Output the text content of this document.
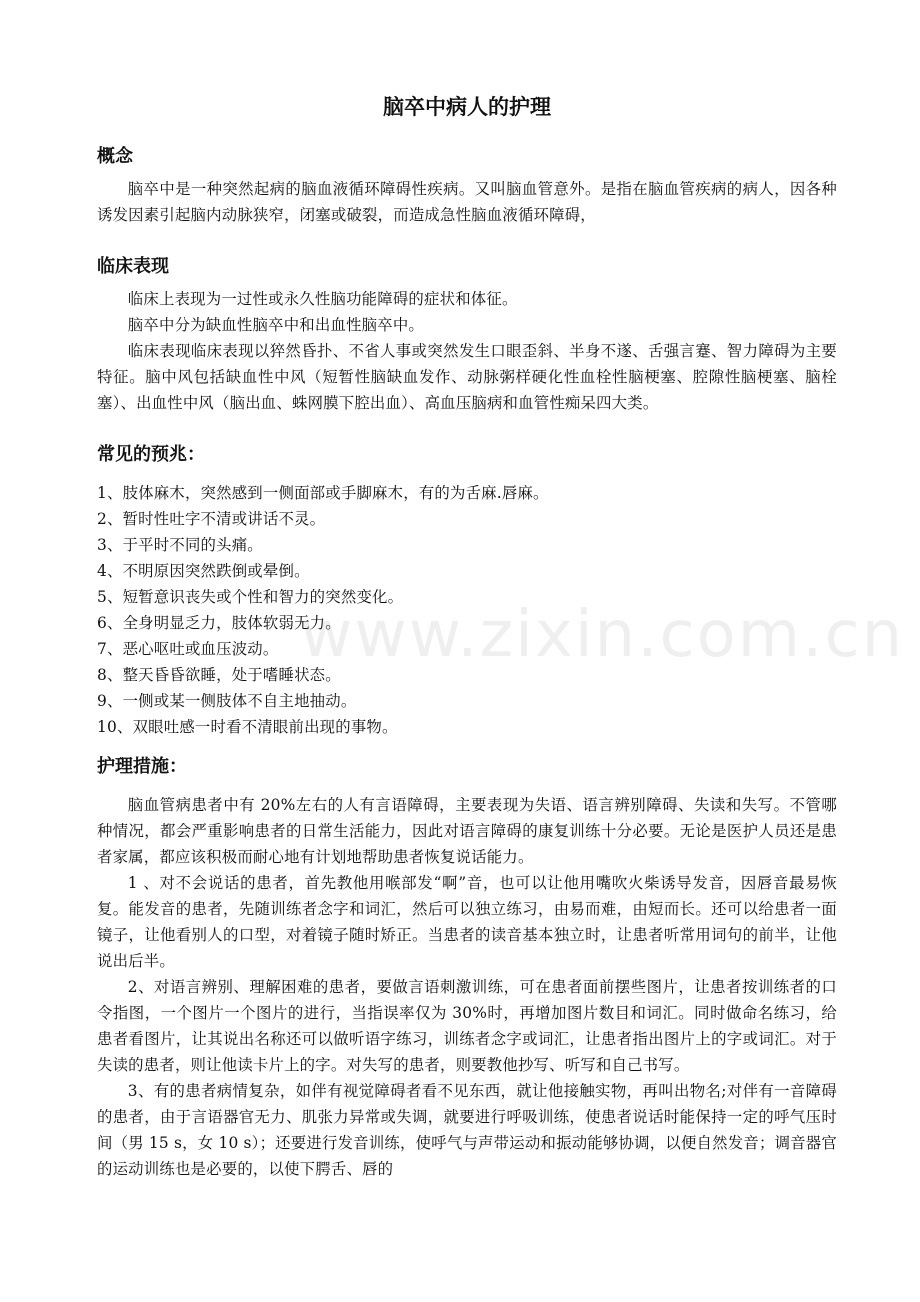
www.zixin.com.cn
脑卒中病人的护理
概念

脑卒中是一种突然起病的脑血液循环障碍性疾病。又叫脑血管意外。是指在脑血管疾病的病人，因各种诱发因素引起脑内动脉狭窄，闭塞或破裂，而造成急性脑血液循环障碍，

临床表现

临床上表现为一过性或永久性脑功能障碍的症状和体征。

脑卒中分为缺血性脑卒中和出血性脑卒中。

临床表现临床表现以猝然昏扑、不省人事或突然发生口眼歪斜、半身不遂、舌强言蹇、智力障碍为主要特征。脑中风包括缺血性中风（短暂性脑缺血发作、动脉粥样硬化性血栓性脑梗塞、腔隙性脑梗塞、脑栓塞）、出血性中风（脑出血、蛛网膜下腔出血）、高血压脑病和血管性痴呆四大类。

常见的预兆：

1、肢体麻木，突然感到一侧面部或手脚麻木，有的为舌麻.唇麻。

2、暂时性吐字不清或讲话不灵。

3、于平时不同的头痛。

4、不明原因突然跌倒或晕倒。

5、短暂意识丧失或个性和智力的突然变化。

6、全身明显乏力，肢体软弱无力。

7、恶心呕吐或血压波动。

8、整天昏昏欲睡，处于嗜睡状态。

9、一侧或某一侧肢体不自主地抽动。

10、双眼吐感一时看不清眼前出现的事物。

护理措施：

脑血管病患者中有 20%左右的人有言语障碍，主要表现为失语、语言辨别障碍、失读和失写。不管哪种情况，都会严重影响患者的日常生活能力，因此对语言障碍的康复训练十分必要。无论是医护人员还是患者家属，都应该积极而耐心地有计划地帮助患者恢复说话能力。

1 、对不会说话的患者，首先教他用喉部发“啊”音，也可以让他用嘴吹火柴诱导发音，因唇音最易恢复。能发音的患者，先随训练者念字和词汇，然后可以独立练习，由易而难，由短而长。还可以给患者一面镜子，让他看别人的口型，对着镜子随时矫正。当患者的读音基本独立时，让患者听常用词句的前半，让他说出后半。

2、对语言辨别、理解困难的患者，要做言语刺激训练，可在患者面前摆些图片，让患者按训练者的口令指图，一个图片一个图片的进行，当指误率仅为 30%时，再增加图片数目和词汇。同时做命名练习，给患者看图片，让其说出名称还可以做听语字练习，训练者念字或词汇，让患者指出图片上的字或词汇。对于失读的患者，则让他读卡片上的字。对失写的患者，则要教他抄写、听写和自己书写。

3、有的患者病情复杂，如伴有视觉障碍者看不见东西，就让他接触实物，再叫出物名;对伴有一音障碍的患者，由于言语器官无力、肌张力异常或失调，就要进行呼吸训练，使患者说话时能保持一定的呼气压时间（男 15 s，女 10 s）；还要进行发音训练，使呼气与声带运动和振动能够协调，以便自然发音；调音器官的运动训练也是必要的，以使下腭舌、唇的
